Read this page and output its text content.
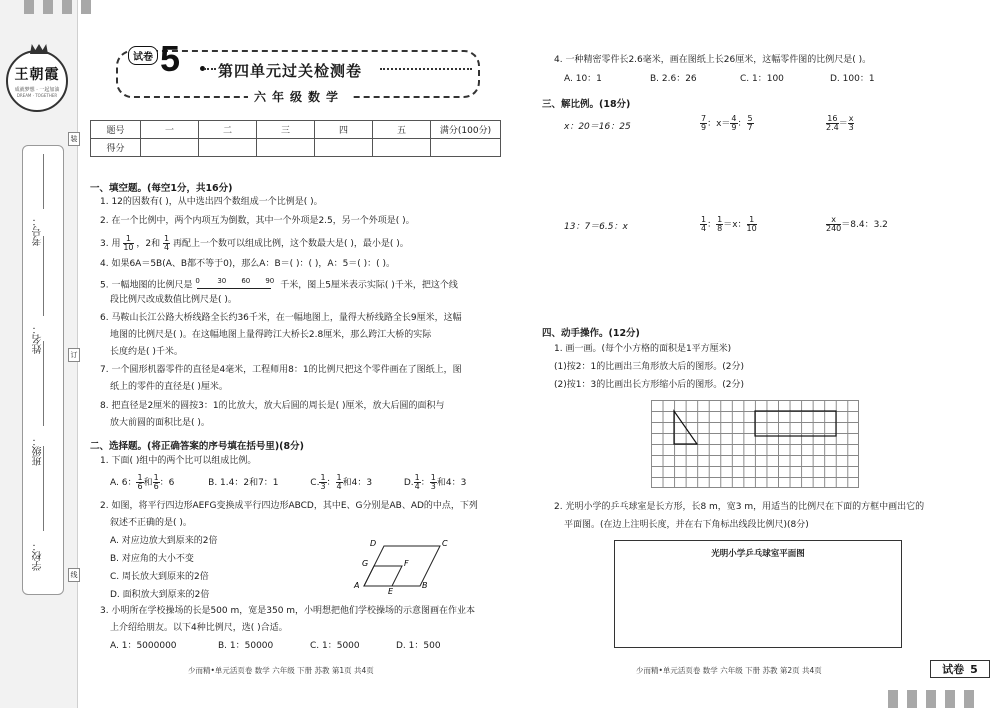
王朝霞
成就梦想 · 一起加油
DREAM · TOGETHER
学校：
班级：
姓名：
考号：
装
订
线
试卷 5	第四单元过关检测卷
六年级数学
题号	一	二	三	四	五	满分(100分)
得分						
一、填空题。(每空1分，共16分)
1. 12的因数有( )，从中选出四个数组成一个比例是( )。
2. 在一个比例中，两个内项互为倒数，其中一个外项是2.5，另一个外项是( )。
3. 用 $\frac{1}{10}$ ，2和 $\frac{1}{4}$ 再配上一个数可以组成比例，这个数最大是( )，最小是( )。
4. 如果6A＝5B(A、B都不等于0)，那么A：B＝( )：( )，A：5＝( )：( )。
5. 一幅地图的比例尺是 0	30 60 90 千米，图上5厘米表示实际( )千米，把这个线
段比例尺改成数值比例尺是( )。
6. 马鞍山长江公路大桥线路全长约36千米，在一幅地图上，量得大桥线路全长9厘米，这幅
地图的比例尺是( )。在这幅地图上量得跨江大桥长2.8厘米，那么跨江大桥的实际
长度约是( )千米。
7. 一个圆形机器零件的直径是4毫米，工程师用8：1的比例尺把这个零件画在了图纸上，图
纸上的零件的直径是( )厘米。
8. 把直径是2厘米的圆按3：1的比放大，放大后圆的周长是( )厘米，放大后圆的面积与
放大前圆的面积比是( )。
二、选择题。(将正确答案的序号填在括号里)(8分)
1. 下面( )组中的两个比可以组成比例。
A. 6： $\frac{1}{6}$ 和 $\frac{1}{6}$ ：6	B. 1.4：2和7：1	C. $\frac{1}{3}$ ： $\frac{1}{4}$ 和4：3	D. $\frac{1}{4}$ ： $\frac{1}{3}$ 和4：3
2. 如图，将平行四边形AEFG变换成平行四边形ABCD，其中E、G分别是AB、AD的中点，下列
叙述不正确的是( )。
A. 对应边放大到原来的2倍
B. 对应角的大小不变
C. 周长放大到原来的2倍
D. 面积放大到原来的2倍
D	C
G	F
A
E
B
3. 小明所在学校操场的长是500 m，宽是350 m，小明想把他们学校操场的示意图画在作业本
上介绍给朋友。以下4种比例尺，选( )合适。
A. 1：5000000	B. 1：50000	C. 1：5000	D. 1：500
少而精•单元活页卷 数学 六年级 下册 苏教 第1页 共4页
4. 一种精密零件长2.6毫米，画在图纸上长26厘米，这幅零件图的比例尺是( )。
A. 10：1	B. 2.6：26	C. 1：100	D. 100：1
三、解比例。(18分)
x：20＝16：25	$\frac{7}{9}$ ：$x= \frac{4}{9}$ ： $\frac{5}{7}$	$\frac{16}{2.4} = \frac{x}{3}$
13：7＝6.5：x	$\frac{1}{4}$ ： $\frac{1}{8} =x$： $\frac{1}{10}$	$\frac{x}{240} =8.4$：3.2
四、动手操作。(12分)
1. 画一画。(每个小方格的面积是1平方厘米)
(1)按2：1的比画出三角形放大后的图形。(2分)
(2)按1：3的比画出长方形缩小后的图形。(2分)
2. 光明小学的乒乓球室是长方形，长8 m，宽3 m，用适当的比例尺在下面的方框中画出它的
平面图。(在边上注明长度，并在右下角标出线段比例尺)(8分)
光明小学乒乓球室平面图
少而精•单元活页卷 数学 六年级 下册 苏教 第2页 共4页	试卷 5
